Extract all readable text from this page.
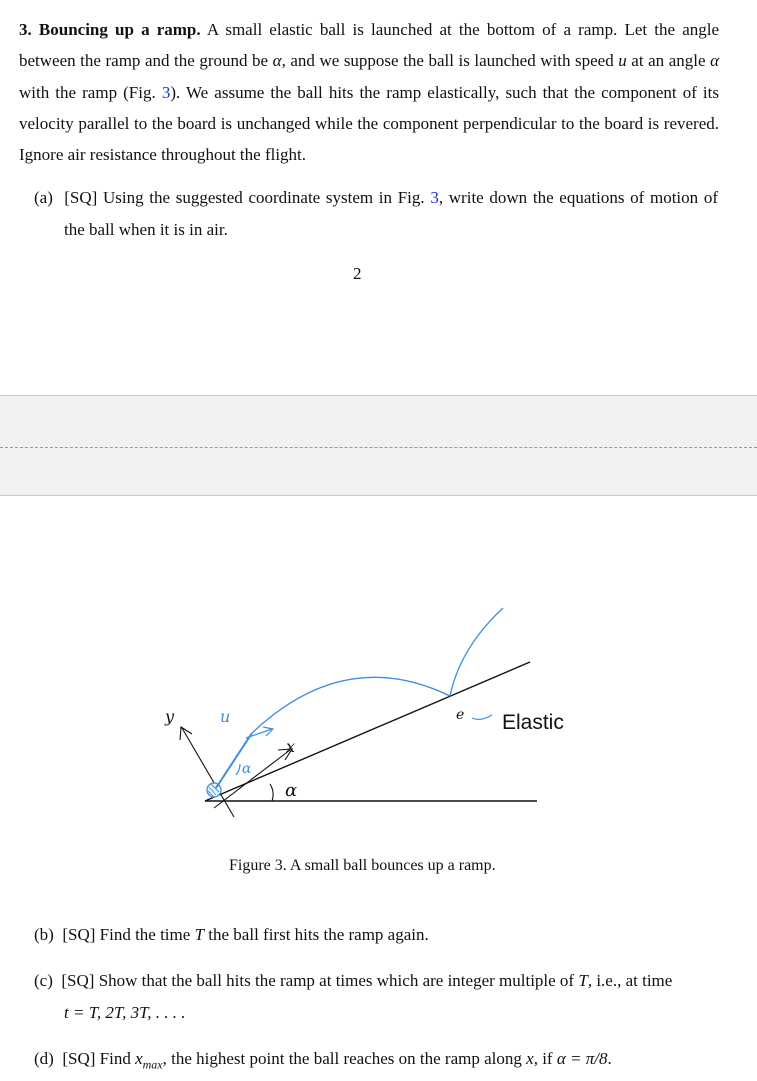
3. Bouncing up a ramp. A small elastic ball is launched at the bottom of a ramp. Let the angle between the ramp and the ground be α, and we suppose the ball is launched with speed u at an angle α with the ramp (Fig. 3). We assume the ball hits the ramp elastically, such that the component of its velocity parallel to the board is unchanged while the component perpendicular to the board is revered. Ignore air resistance throughout the flight.

(a) [SQ] Using the suggested coordinate system in Fig. 3, write down the equations of motion of the ball when it is in air.
2
y	u
x
α
α
e Elastic
Figure 3. A small ball bounces up a ramp.
(b) [SQ] Find the time T the ball first hits the ramp again.
(c) [SQ] Show that the ball hits the ramp at times which are integer multiple of T, i.e., at time
t = T, 2T, 3T, . . . .
(d) [SQ] Find $x_{max}$, the highest point the ball reaches on the ramp along x, if α = π/8.
